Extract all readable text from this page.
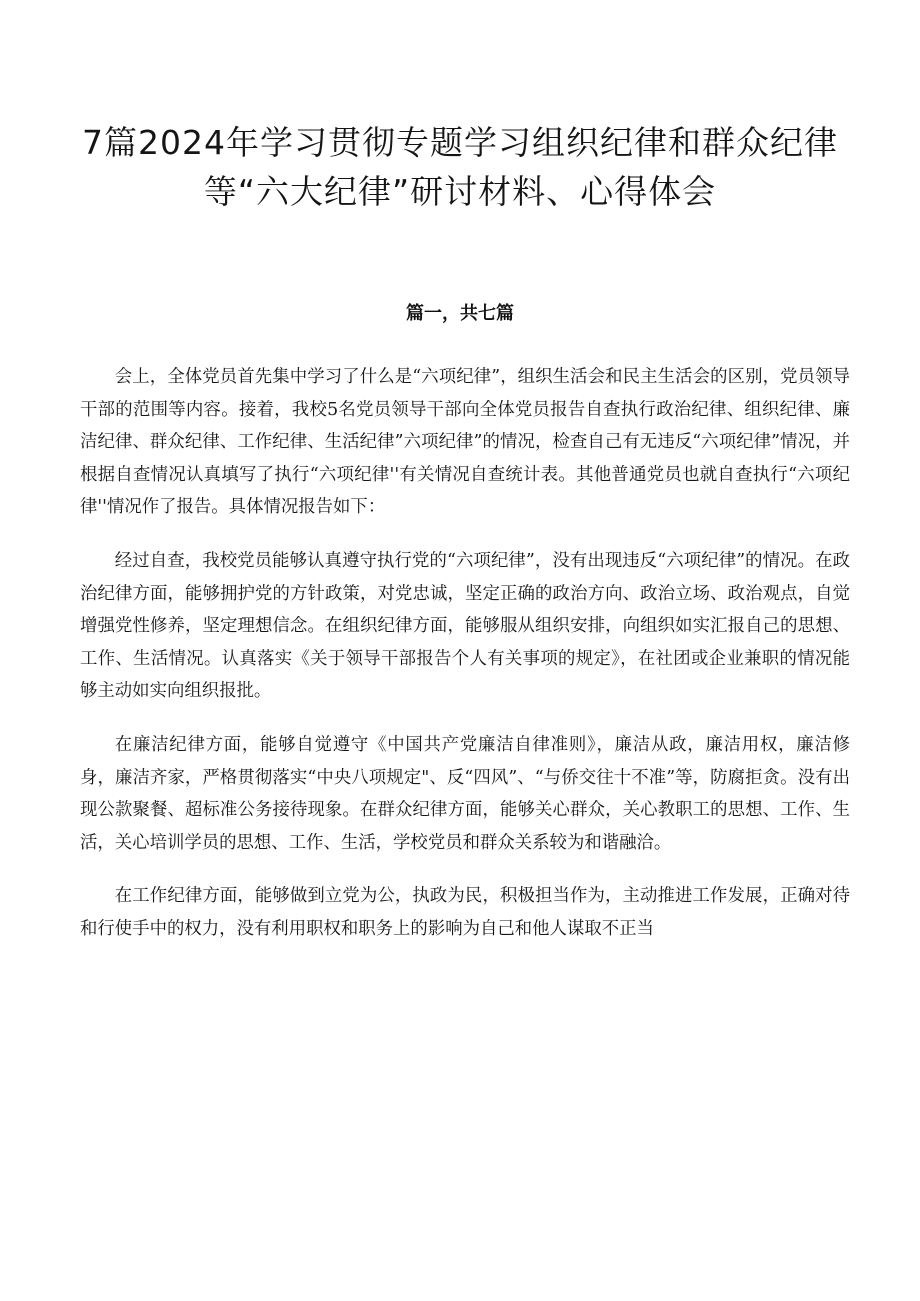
7篇2024年学习贯彻专题学习组织纪律和群众纪律
等“六大纪律”研讨材料、心得体会
篇一，共七篇

会上，全体党员首先集中学习了什么是“六项纪律”，组织生活会和民主生活会的区别，党员领导干部的范围等内容。接着，我校5名党员领导干部向全体党员报告自查执行政治纪律、组织纪律、廉洁纪律、群众纪律、工作纪律、生活纪律”六项纪律”的情况，检查自己有无违反“六项纪律”情况，并根据自查情况认真填写了执行“六项纪律''有关情况自查统计表。其他普通党员也就自查执行“六项纪律''情况作了报告。具体情况报告如下：

经过自查，我校党员能够认真遵守执行党的“六项纪律”，没有出现违反“六项纪律”的情况。在政治纪律方面，能够拥护党的方针政策，对党忠诚，坚定正确的政治方向、政治立场、政治观点，自觉增强党性修养，坚定理想信念。在组织纪律方面，能够服从组织安排，向组织如实汇报自己的思想、工作、生活情况。认真落实《关于领导干部报告个人有关事项的规定》，在社团或企业兼职的情况能够主动如实向组织报批。

在廉洁纪律方面，能够自觉遵守《中国共产党廉洁自律准则》，廉洁从政，廉洁用权，廉洁修身，廉洁齐家，严格贯彻落实“中央八项规定"、反“四风”、“与侨交往十不准”等，防腐拒贪。没有出现公款聚餐、超标准公务接待现象。在群众纪律方面，能够关心群众，关心教职工的思想、工作、生活，关心培训学员的思想、工作、生活，学校党员和群众关系较为和谐融洽。

在工作纪律方面，能够做到立党为公，执政为民，积极担当作为，主动推进工作发展，正确对待和行使手中的权力，没有利用职权和职务上的影响为自己和他人谋取不正当
